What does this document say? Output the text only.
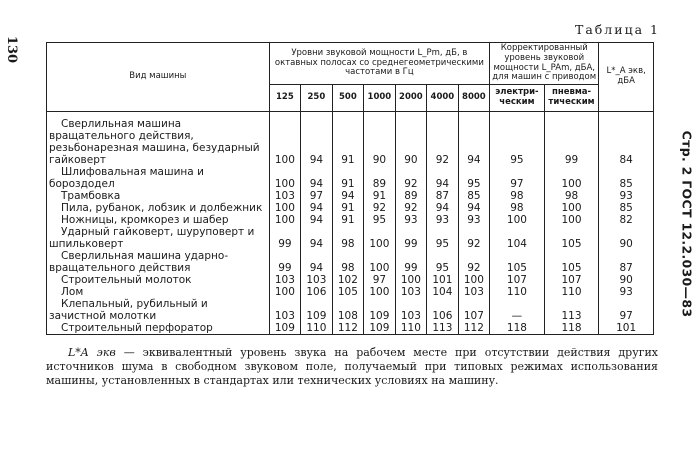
130
Стр. 2 ГОСТ 12.2.030—83
Таблица 1
Вид машины	Уровни звуковой мощности L_Pm, дБ, в октавных полосах со среднегеометрическими частотами в Гц							Корректированный уровень звуковой мощности L_PAm, дБА, для машин с приводом		L*_A экв, дБА
	125	250	500	1000	2000	4000	8000	электри-ческим	пневма-тическим	
Сверлильная машина вращательного действия, резьбонарезная машина, безударный гайковерт	100	94	91	90	90	92	94	95	99	84
Шлифовальная машина и бороздодел	100	94	91	89	92	94	95	97	100	85
Трамбовка	103	97	94	91	89	87	85	98	98	93
Пила, рубанок, лобзик и долбежник	100	94	91	92	92	94	94	98	100	85
Ножницы, кромкорез и шабер	100	94	91	95	93	93	93	100	100	82
Ударный гайковерт, шуруповерт и шпильковерт	99	94	98	100	99	95	92	104	105	90
Сверлильная машина ударно-вращательного действия	99	94	98	100	99	95	92	105	105	87
Строительный молоток	103	103	102	97	100	101	100	107	107	90
Лом	100	106	105	100	103	104	103	110	110	93
Клепальный, рубильный и зачистной молотки	103	109	108	109	103	106	107	—	113	97
Строительный перфоратор	109	110	112	109	110	113	112	118	118	101
L*A экв — эквивалентный уровень звука на рабочем месте при отсутствии действия других источников шума в свободном звуковом поле, получаемый при типовых режимах использования машины, установленных в стандартах или технических условиях на машину.
